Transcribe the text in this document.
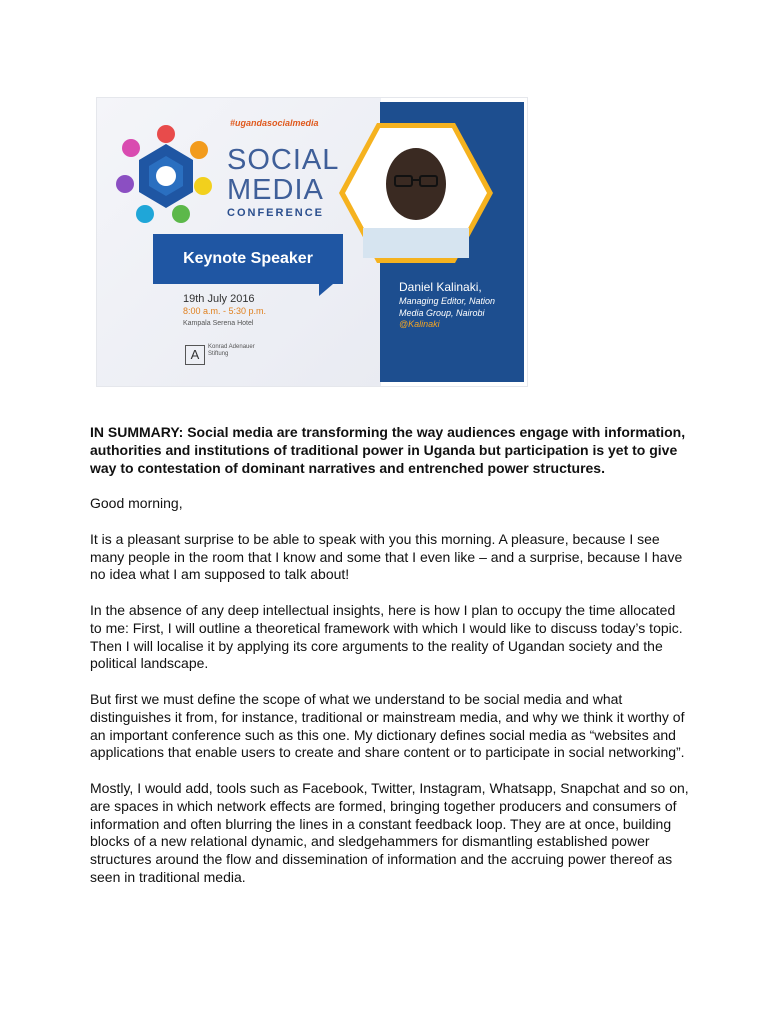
#ugandasocialmedia
SOCIAL
MEDIA
CONFERENCE
Keynote Speaker
19th July 2016
8:00 a.m. - 5:30 p.m.
Kampala Serena Hotel
A	Konrad Adenauer Stiftung
Daniel Kalinaki,
Managing Editor, Nation Media Group, Nairobi
@Kalinaki

IN SUMMARY: Social media are transforming the way audiences engage with information, authorities and institutions of traditional power in Uganda but participation is yet to give way to contestation of dominant narratives and entrenched power structures.

Good morning,

It is a pleasant surprise to be able to speak with you this morning. A pleasure, because I see many people in the room that I know and some that I even like – and a surprise, because I have no idea what I am supposed to talk about!

In the absence of any deep intellectual insights, here is how I plan to occupy the time allocated to me: First, I will outline a theoretical framework with which I would like to discuss today’s topic. Then I will localise it by applying its core arguments to the reality of Ugandan society and the political landscape.

But first we must define the scope of what we understand to be social media and what distinguishes it from, for instance, traditional or mainstream media, and why we think it worthy of an important conference such as this one. My dictionary defines social media as “websites and applications that enable users to create and share content or to participate in social networking”.

Mostly, I would add, tools such as Facebook, Twitter, Instagram, Whatsapp, Snapchat and so on, are spaces in which network effects are formed, bringing together producers and consumers of information and often blurring the lines in a constant feedback loop. They are at once, building blocks of a new relational dynamic, and sledgehammers for dismantling established power structures around the flow and dissemination of information and the accruing power thereof as seen in traditional media.
